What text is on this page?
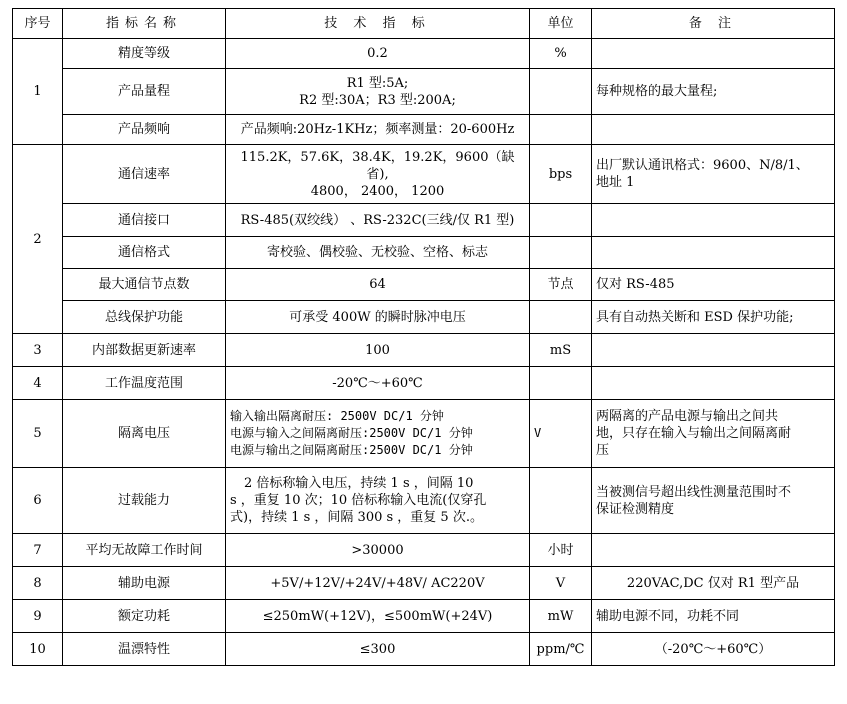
序号	指标名称	技 术 指 标	单位	备 注
1	精度等级	0.2	%	
	产品量程	R1 型:5A;
R2 型:30A；R3 型:200A;		每种规格的最大量程;

	产品频响	产品频响:20Hz-1KHz；频率测量：20-600Hz		

2	通信速率	115.2K，57.6K，38.4K，19.2K，9600（缺省),
4800， 2400， 1200	bps	出厂默认通讯格式：9600、N/8/1、
地址 1

	通信接口	RS-485(双绞线） 、RS-232C(三线/仅 R1 型)		

	通信格式	寄校验、偶校验、无校验、空格、标志		

	最大通信节点数	64	节点	仅对 RS-485

	总线保护功能	可承受 400W 的瞬时脉冲电压		具有自动热关断和 ESD 保护功能;

3	内部数据更新速率	100	mS	
4	工作温度范围	-20℃～+60℃		

5	隔离电压	输入输出隔离耐压: 2500V DC/1 分钟
电源与输入之间隔离耐压:2500V DC/1 分钟
电源与输出之间隔离耐压:2500V DC/1 分钟	V	两隔离的产品电源与输出之间共
地，只存在输入与输出之间隔离耐
压

6	过载能力	2 倍标称输入电压，持续 1 s ，间隔 10
s ，重复 10 次；10 倍标称输入电流(仅穿孔
式)，持续 1 s ，间隔 300 s ，重复 5 次.。		当被测信号超出线性测量范围时不
保证检测精度

7	平均无故障工作时间	>30000	小时	
8	辅助电源	+5V/+12V/+24V/+48V/ AC220V	V	220VAC,DC 仅对 R1 型产品

9	额定功耗	≤250mW(+12V)，≤500mW(+24V)	mW	辅助电源不同，功耗不同

10	温漂特性	≤300	ppm/℃	（-20℃～+60℃）
